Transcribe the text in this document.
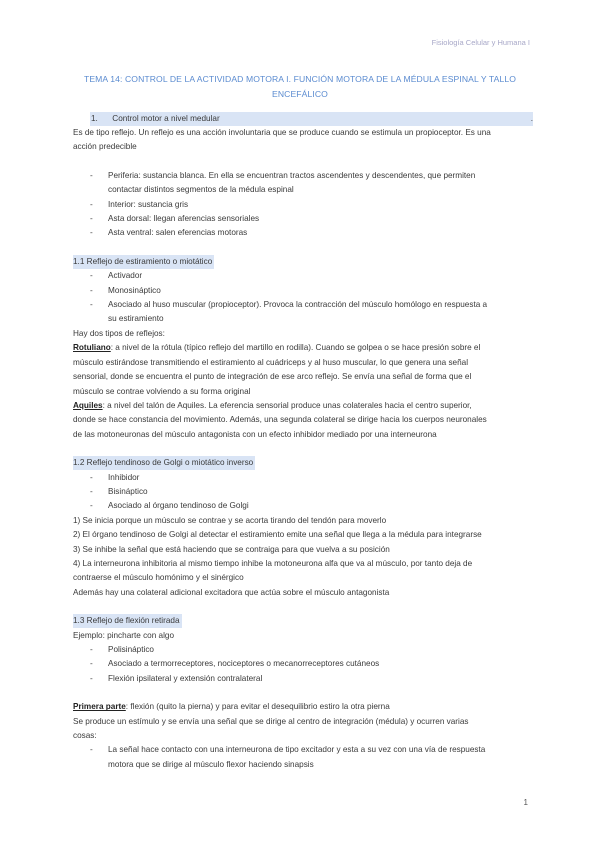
Fisiología Celular y Humana I
TEMA 14: CONTROL DE LA ACTIVIDAD MOTORA I. FUNCIÓN MOTORA DE LA MÉDULA ESPINAL Y TALLO
ENCEFÁLICO
1. Control motor a nivel medular	.

Es de tipo reflejo. Un reflejo es una acción involuntaria que se produce cuando se estimula un propioceptor. Es una

acción predecible

- Periferia: sustancia blanca. En ella se encuentran tractos ascendentes y descendentes, que permiten
contactar distintos segmentos de la médula espinal
- Interior: sustancia gris
- Asta dorsal: llegan aferencias sensoriales
- Asta ventral: salen eferencias motoras
1.1 Reflejo de estiramiento o miotático
- Activador
- Monosináptico
- Asociado al huso muscular (propioceptor). Provoca la contracción del músculo homólogo en respuesta a
su estiramiento

Hay dos tipos de reflejos:

Rotuliano: a nivel de la rótula (típico reflejo del martillo en rodilla). Cuando se golpea o se hace presión sobre el

músculo estirándose transmitiendo el estiramiento al cuádriceps y al huso muscular, lo que genera una señal

sensorial, donde se encuentra el punto de integración de ese arco reflejo. Se envía una señal de forma que el

músculo se contrae volviendo a su forma original

Aquiles: a nivel del talón de Aquiles. La eferencia sensorial produce unas colaterales hacia el centro superior,

donde se hace constancia del movimiento. Además, una segunda colateral se dirige hacia los cuerpos neuronales

de las motoneuronas del músculo antagonista con un efecto inhibidor mediado por una interneurona

1.2 Reflejo tendinoso de Golgi o miotático inverso
- Inhibidor
- Bisináptico
- Asociado al órgano tendinoso de Golgi

1) Se inicia porque un músculo se contrae y se acorta tirando del tendón para moverlo

2) El órgano tendinoso de Golgi al detectar el estiramiento emite una señal que llega a la médula para integrarse

3) Se inhibe la señal que está haciendo que se contraiga para que vuelva a su posición

4) La interneurona inhibitoria al mismo tiempo inhibe la motoneurona alfa que va al músculo, por tanto deja de

contraerse el músculo homónimo y el sinérgico

Además hay una colateral adicional excitadora que actúa sobre el músculo antagonista

1.3 Reflejo de flexión retirada

Ejemplo: pincharte con algo

- Polisináptico
- Asociado a termorreceptores, nociceptores o mecanorreceptores cutáneos
- Flexión ipsilateral y extensión contralateral

Primera parte: flexión (quito la pierna) y para evitar el desequilibrio estiro la otra pierna

Se produce un estímulo y se envía una señal que se dirige al centro de integración (médula) y ocurren varias

cosas:

- La señal hace contacto con una interneurona de tipo excitador y esta a su vez con una vía de respuesta
motora que se dirige al músculo flexor haciendo sinapsis
1
